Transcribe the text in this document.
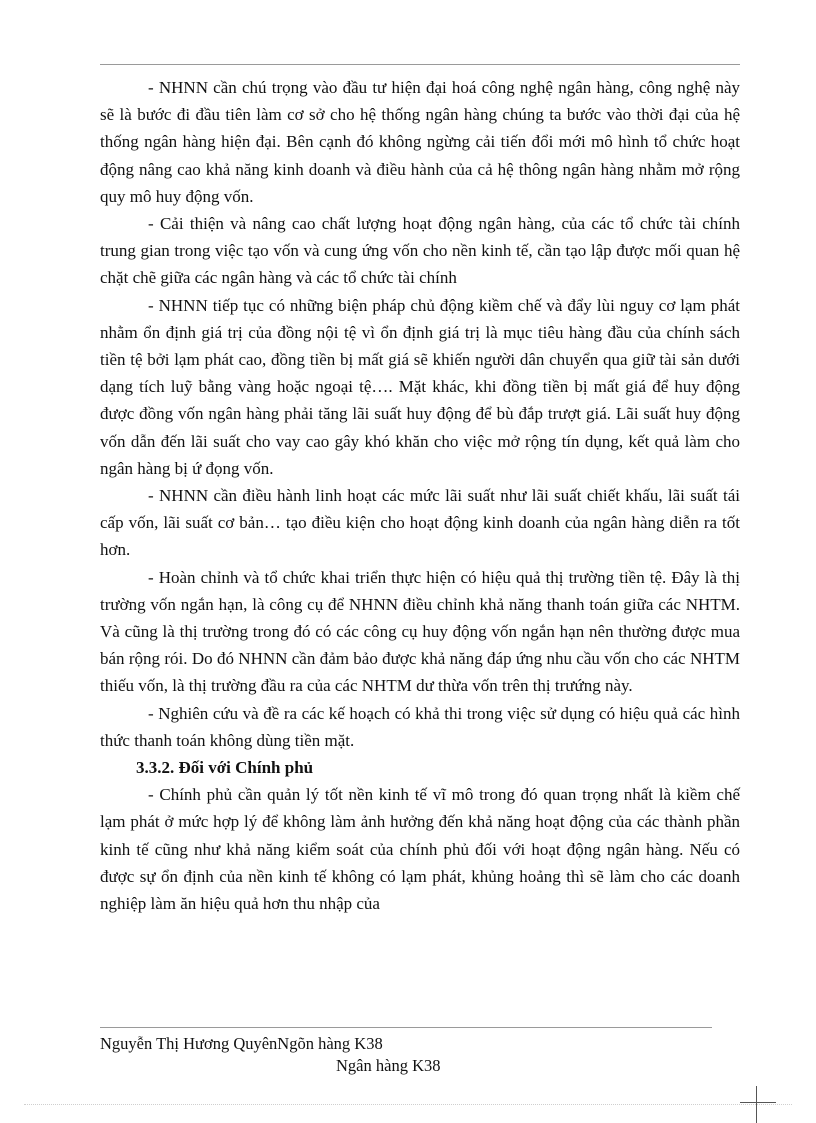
- NHNN cần chú trọng vào đầu tư hiện đại hoá công nghệ ngân hàng, công nghệ này sẽ là bước đi đầu tiên làm cơ sở cho hệ thống ngân hàng chúng ta bước vào thời đại của hệ thống ngân hàng hiện đại. Bên cạnh đó không ngừng cải tiến đổi mới mô hình tổ chức hoạt động nâng cao khả năng kinh doanh và điều hành của cả hệ thông ngân hàng nhằm mở rộng quy mô huy động vốn.

- Cải thiện và nâng cao chất lượng hoạt động ngân hàng, của các tổ chức tài chính trung gian trong việc tạo vốn và cung ứng vốn cho nền kinh tế, cần tạo lập được mối quan hệ chặt chẽ giữa các ngân hàng và các tổ chức tài chính

- NHNN tiếp tục có những biện pháp chủ động kiềm chế và đẩy lùi nguy cơ lạm phát nhằm ổn định giá trị của đồng nội tệ vì ổn định giá trị là mục tiêu hàng đầu của chính sách tiền tệ bởi lạm phát cao, đồng tiền bị mất giá sẽ khiến người dân chuyển qua giữ tài sản dưới dạng tích luỹ bằng vàng hoặc ngoại tệ…. Mặt khác, khi đồng tiền bị mất giá để huy động được đồng vốn ngân hàng phải tăng lãi suất huy động để bù đắp trượt giá. Lãi suất huy động vốn dẫn đến lãi suất cho vay cao gây khó khăn cho việc mở rộng tín dụng, kết quả làm cho ngân hàng bị ứ đọng vốn.

- NHNN cần điều hành linh hoạt các mức lãi suất như lãi suất chiết khấu, lãi suất tái cấp vốn, lãi suất cơ bản… tạo điều kiện cho hoạt động kinh doanh của ngân hàng diễn ra tốt hơn.

- Hoàn chỉnh và tổ chức khai triển thực hiện có hiệu quả thị trường tiền tệ. Đây là thị trường vốn ngắn hạn, là công cụ để NHNN điều chỉnh khả năng thanh toán giữa các NHTM. Và cũng là thị trường trong đó có các công cụ huy động vốn ngắn hạn nên thường được mua bán rộng rói. Do đó NHNN cần đảm bảo được khả năng đáp ứng nhu cầu vốn cho các NHTM thiếu vốn, là thị trường đầu ra của các NHTM dư thừa vốn trên thị trưứng này.

- Nghiên cứu và đề ra các kế hoạch có khả thi trong việc sử dụng có hiệu quả các hình thức thanh toán không dùng tiền mặt.

3.3.2. Đối với Chính phủ

- Chính phủ cần quản lý tốt nền kinh tế vĩ mô trong đó quan trọng nhất là kiềm chế lạm phát ở mức hợp lý để không làm ảnh hưởng đến khả năng hoạt động của các thành phần kinh tế cũng như khả năng kiểm soát của chính phủ đối với hoạt động ngân hàng. Nếu có được sự ổn định của nền kinh tế không có lạm phát, khủng hoảng thì sẽ làm cho các doanh nghiệp làm ăn hiệu quả hơn thu nhập của

Nguyễn Thị Hương QuyênNgõn hàng K38
Ngân hàng K38
